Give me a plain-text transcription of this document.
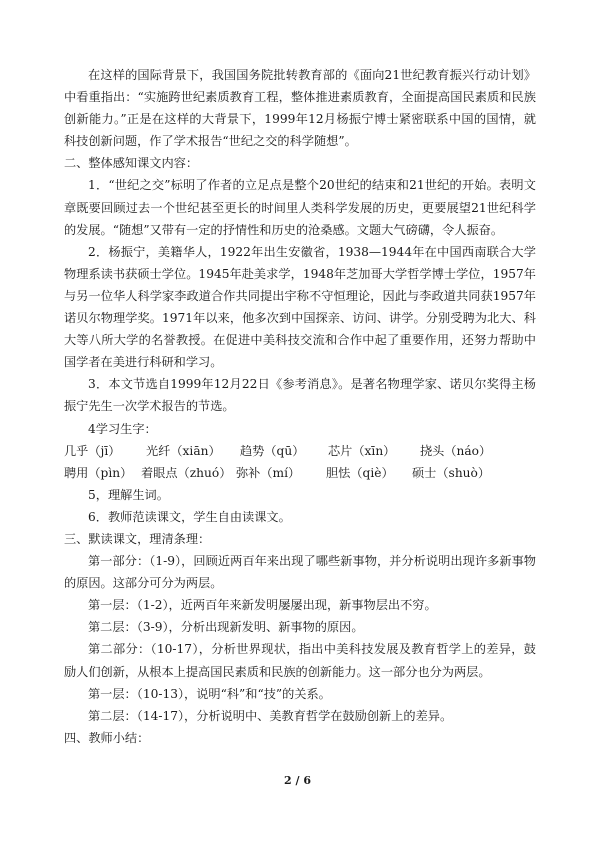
在这样的国际背景下，我国国务院批转教育部的《面向21世纪教育振兴行动计划》中看重指出：“实施跨世纪素质教育工程，整体推进素质教育，全面提高国民素质和民族创新能力。”正是在这样的大背景下，1999年12月杨振宁博士紧密联系中国的国情，就科技创新问题，作了学术报告“世纪之交的科学随想”。

二、整体感知课文内容：

1．“世纪之交”标明了作者的立足点是整个20世纪的结束和21世纪的开始。表明文章既要回顾过去一个世纪甚至更长的时间里人类科学发展的历史，更要展望21世纪科学的发展。“随想”又带有一定的抒情性和历史的沧桑感。文题大气磅礴，令人振奋。

2．杨振宁，美籍华人，1922年出生安徽省，1938—1944年在中国西南联合大学物理系读书获硕士学位。1945年赴美求学，1948年芝加哥大学哲学博士学位，1957年与另一位华人科学家李政道合作共同提出宇称不守恒理论，因此与李政道共同获1957年诺贝尔物理学奖。1971年以来，他多次到中国探亲、访问、讲学。分别受聘为北大、科大等八所大学的名誉教授。在促进中美科技交流和合作中起了重要作用，还努力帮助中国学者在美进行科研和学习。

3．本文节选自1999年12月22日《参考消息》。是著名物理学家、诺贝尔奖得主杨振宁先生一次学术报告的节选。

4学习生字：

几乎（jī）	光纤（xiān）	趋势（qū）	芯片（xīn）	挠头（náo）
聘用（pìn） 着眼点（zhuó） 弥补（mí）	胆怯（qiè）	硕士（shuò）

5，理解生词。

6．教师范读课文，学生自由读课文。

三、默读课文，理清条理：

第一部分：（1-9），回顾近两百年来出现了哪些新事物，并分析说明出现许多新事物的原因。这部分可分为两层。

第一层：（1-2），近两百年来新发明屡屡出现，新事物层出不穷。

第二层：（3-9），分析出现新发明、新事物的原因。

第二部分：（10-17），分析世界现状，指出中美科技发展及教育哲学上的差异，鼓励人们创新，从根本上提高国民素质和民族的创新能力。这一部分也分为两层。

第一层：（10-13），说明“科”和“技”的关系。

第二层：（14-17），分析说明中、美教育哲学在鼓励创新上的差异。

四、教师小结：

2 / 6
